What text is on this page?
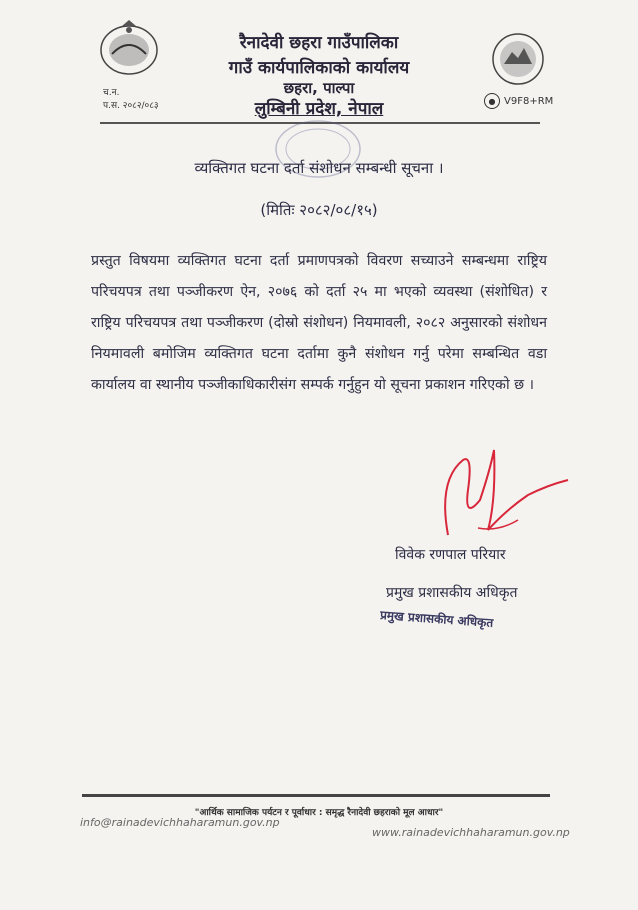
च.न.
प.स. २०८२/०८३
रैनादेवी छहरा गाउँपालिका
गाउँ कार्यपालिकाको कार्यालय
छहरा, पाल्पा
लुम्बिनी प्रदेश, नेपाल	● V9F8+RM
व्यक्तिगत घटना दर्ता संशोधन सम्बन्धी सूचना ।
(मितिः २०८२/०८/१५)
प्रस्तुत विषयमा व्यक्तिगत घटना दर्ता प्रमाणपत्रको विवरण सच्याउने सम्बन्धमा राष्ट्रिय परिचयपत्र तथा पञ्जीकरण ऐन, २०७६ को दर्ता २५ मा भएको व्यवस्था (संशोधित) र राष्ट्रिय परिचयपत्र तथा पञ्जीकरण (दोस्रो संशोधन) नियमावली, २०८२ अनुसारको संशोधन नियमावली बमोजिम व्यक्तिगत घटना दर्तामा कुनै संशोधन गर्नु परेमा सम्बन्धित वडा कार्यालय वा स्थानीय पञ्जीकाधिकारीसंग सम्पर्क गर्नुहुन यो सूचना प्रकाशन गरिएको छ ।
विवेक रणपाल परियार
प्रमुख प्रशासकीय अधिकृत
प्रमुख प्रशासकीय अधिकृत
"आर्थिक सामाजिक पर्यटन र पूर्वाधार : समृद्ध रैनादेवी छहराको मूल आधार"
info@rainadevichhaharamun.gov.np
www.rainadevichhaharamun.gov.np
